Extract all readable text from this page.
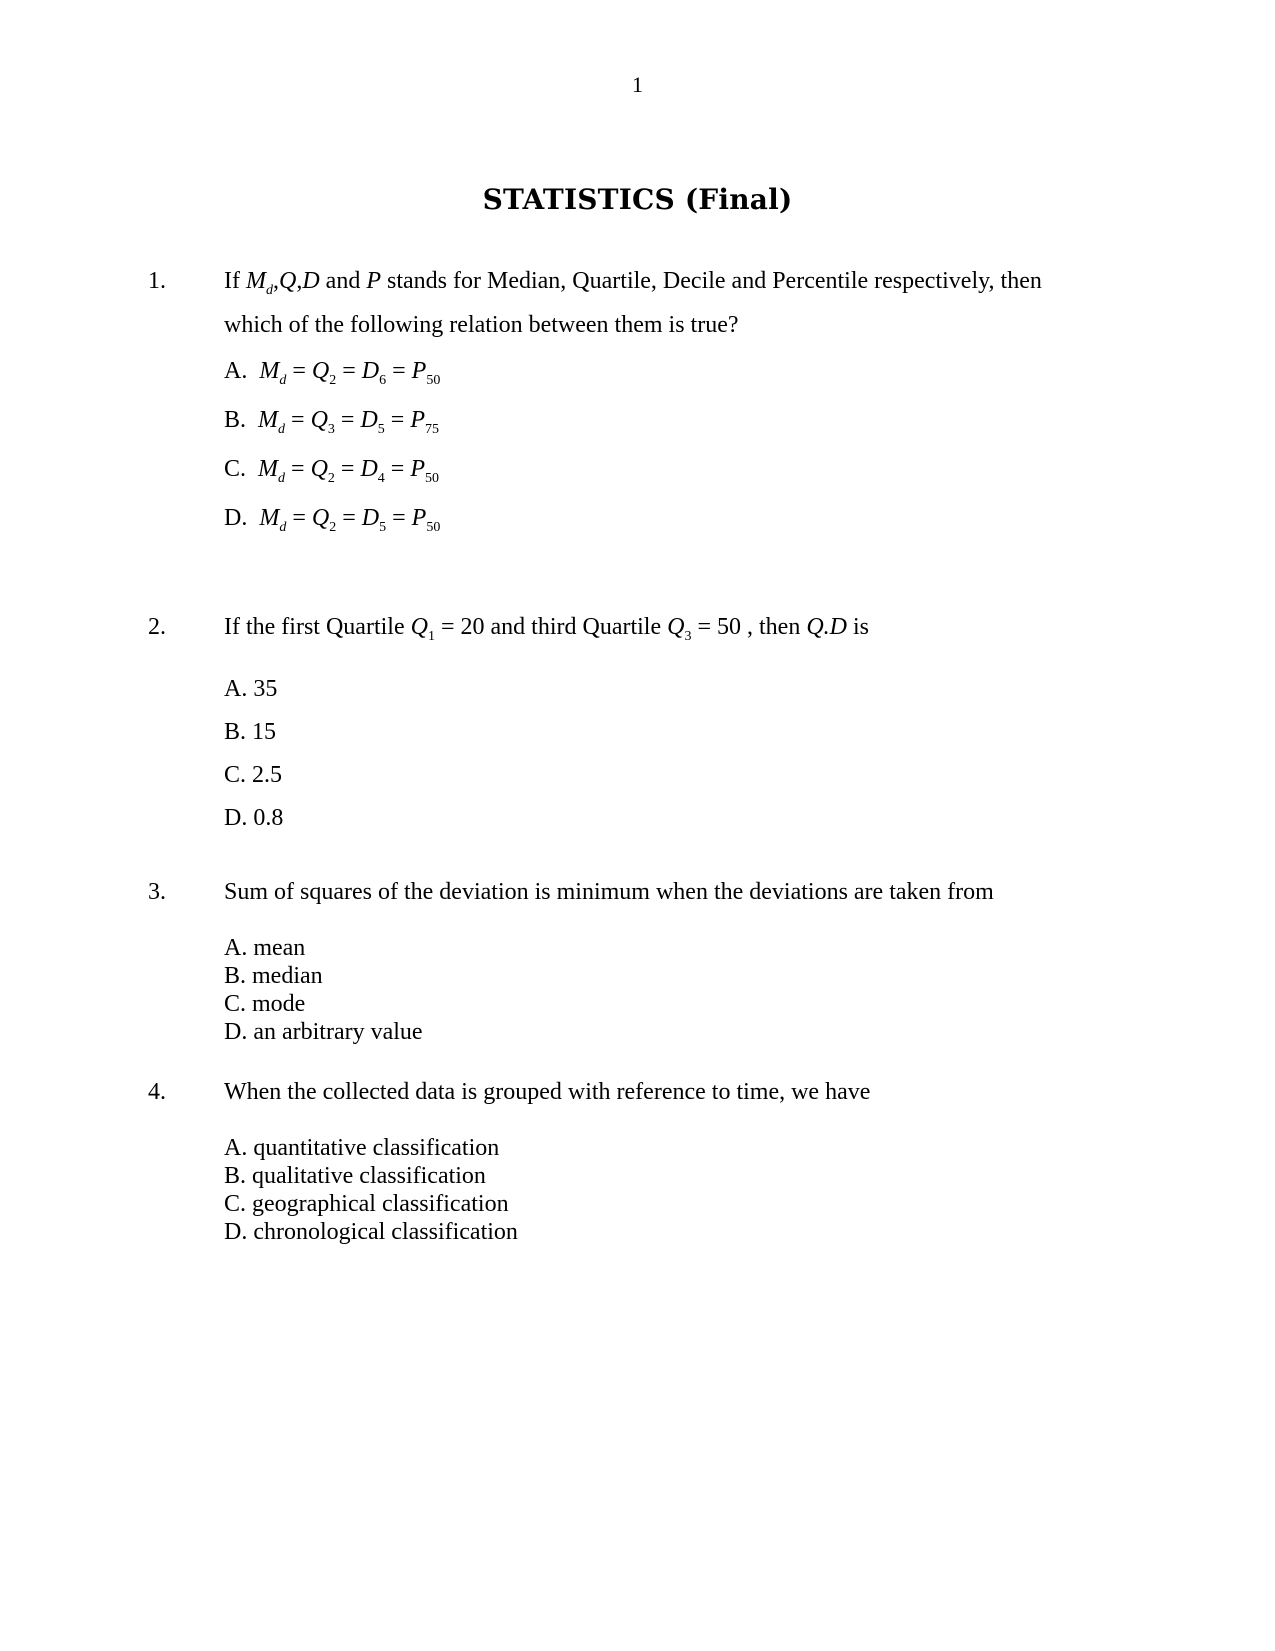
1
STATISTICS (Final)
1. If $M_d,Q,D$ and P stands for Median, Quartile, Decile and Percentile respectively, then
which of the following relation between them is true?
A. $M_d = Q_2 = D_6 = P_{50}$
B. $M_d = Q_3 = D_5 = P_{75}$
C. $M_d = Q_2 = D_4 = P_{50}$
D. $M_d = Q_2 = D_5 = P_{50}$
2. If the first Quartile $Q_1 = 20$ and third Quartile $Q_3 = 50$ , then Q.D is
A. 35
B. 15
C. 2.5
D. 0.8
3. Sum of squares of the deviation is minimum when the deviations are taken from
A. mean
B. median
C. mode
D. an arbitrary value
4. When the collected data is grouped with reference to time, we have
A. quantitative classification
B. qualitative classification
C. geographical classification
D. chronological classification
